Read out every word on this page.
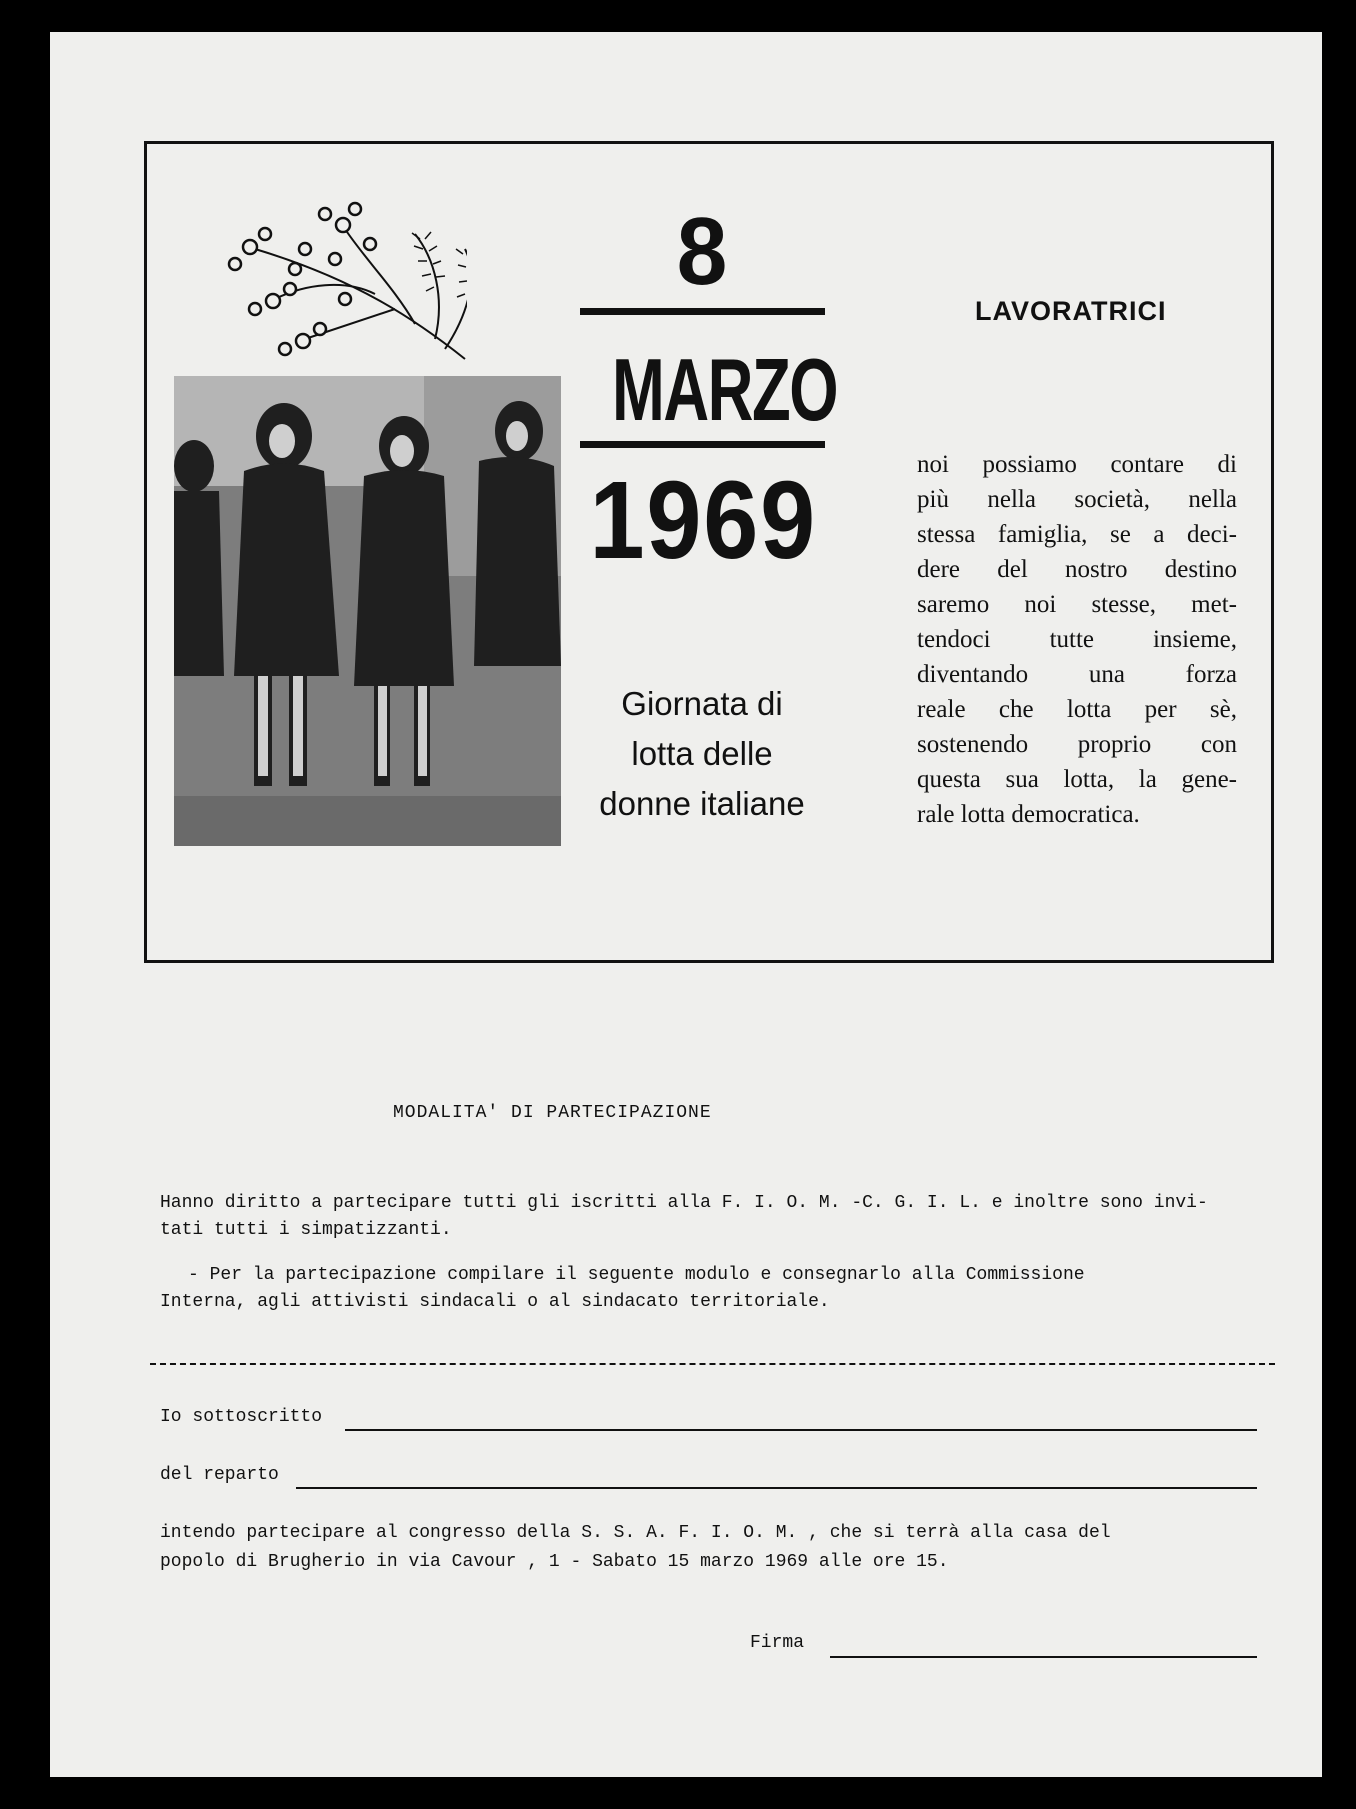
8
MARZO
1969
LAVORATRICI
Giornata di
lotta delle
donne italiane
noi possiamo contare di
più nella società, nella
stessa famiglia, se a deci-
dere del nostro destino
saremo noi stesse, met-
tendoci tutte insieme,
diventando una forza
reale che lotta per sè,
sostenendo proprio con
questa sua lotta, la gene-
rale lotta democratica.
MODALITA' DI PARTECIPAZIONE
Hanno diritto a partecipare tutti gli iscritti alla F. I. O. M. -C. G. I. L. e inoltre sono invi-
tati tutti i simpatizzanti.
- Per la partecipazione compilare il seguente modulo e consegnarlo alla Commissione
Interna, agli attivisti sindacali o al sindacato territoriale.
Io sottoscritto
del reparto
intendo partecipare al congresso della S. S. A. F. I. O. M. , che si terrà alla casa del
popolo di Brugherio in via Cavour , 1 - Sabato 15 marzo 1969 alle ore 15.
Firma
